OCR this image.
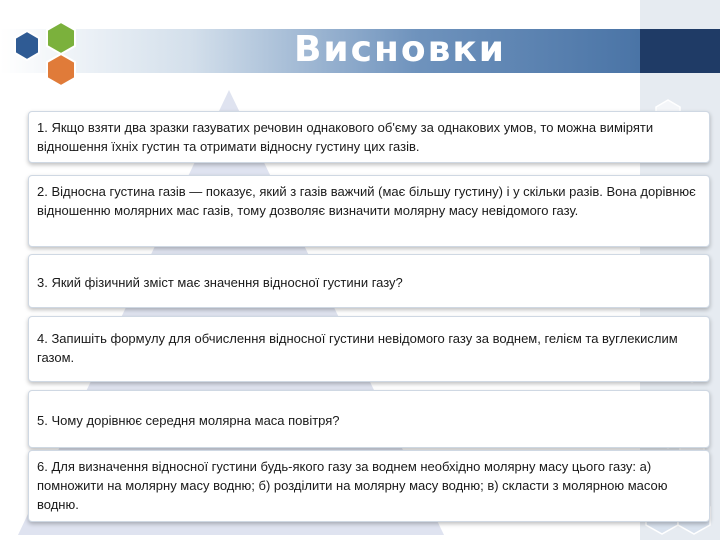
Висновки
1. Якщо взяти два зразки газуватих речовин однакового об'єму за однакових умов, то можна виміряти відношення їхніх густин та отримати відносну густину цих газів.
2. Відносна густина газів — показує, який з газів важчий (має більшу густину) і у скільки разів. Вона дорівнює відношенню молярних мас газів, тому дозволяє визначити молярну масу невідомого газу.
3. Який фізичний зміст має значення відносної густини газу?
4. Запишіть формулу для обчислення відносної густини невідомого газу за воднем, гелієм та вуглекислим газом.
5. Чому дорівнює середня молярна маса повітря?
6. Для визначення відносної густини будь-якого газу за воднем необхідно молярну масу цього газу: а) помножити на молярну масу водню; б) розділити на молярну масу водню; в) скласти з молярною масою водню.
